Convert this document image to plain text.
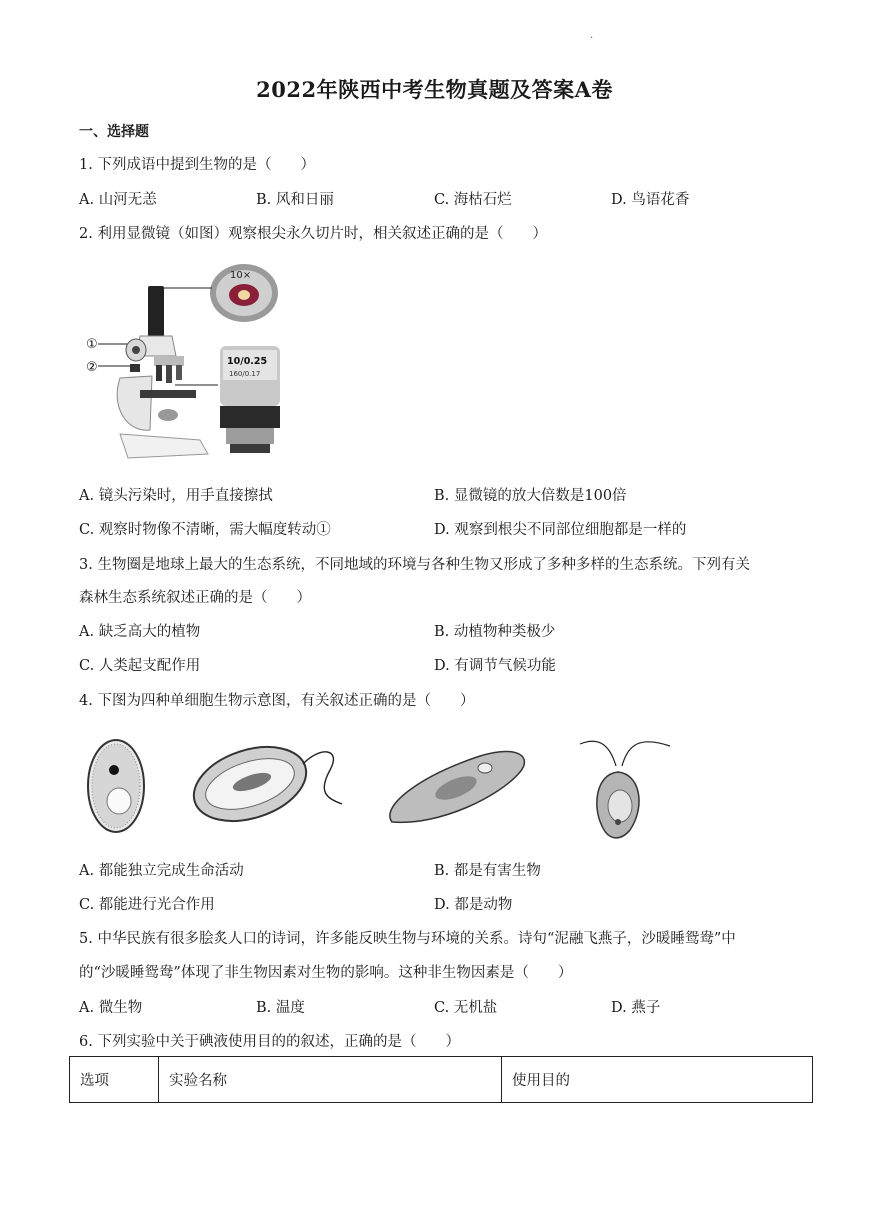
.
2022年陕西中考生物真题及答案A卷
一、选择题
1. 下列成语中提到生物的是（　　）
A. 山河无恙	B. 风和日丽	C. 海枯石烂	D. 鸟语花香
2. 利用显微镜（如图）观察根尖永久切片时，相关叙述正确的是（　　）
10×
10/0.25
160/0.17
①
②
A. 镜头污染时，用手直接擦拭	B. 显微镜的放大倍数是100倍
C. 观察时物像不清晰，需大幅度转动①	D. 观察到根尖不同部位细胞都是一样的
3. 生物圈是地球上最大的生态系统，不同地域的环境与各种生物又形成了多种多样的生态系统。下列有关
森林生态系统叙述正确的是（　　）
A. 缺乏高大的植物	B. 动植物种类极少
C. 人类起支配作用	D. 有调节气候功能
4. 下图为四种单细胞生物示意图，有关叙述正确的是（　　）
A. 都能独立完成生命活动	B. 都是有害生物
C. 都能进行光合作用	D. 都是动物
5. 中华民族有很多脍炙人口的诗词，许多能反映生物与环境的关系。诗句“泥融飞燕子，沙暖睡鸳鸯”中
的“沙暖睡鸳鸯”体现了非生物因素对生物的影响。这种非生物因素是（　　）
A. 微生物	B. 温度	C. 无机盐	D. 燕子
6. 下列实验中关于碘液使用目的的叙述，正确的是（　　）
选项	实验名称	使用目的
